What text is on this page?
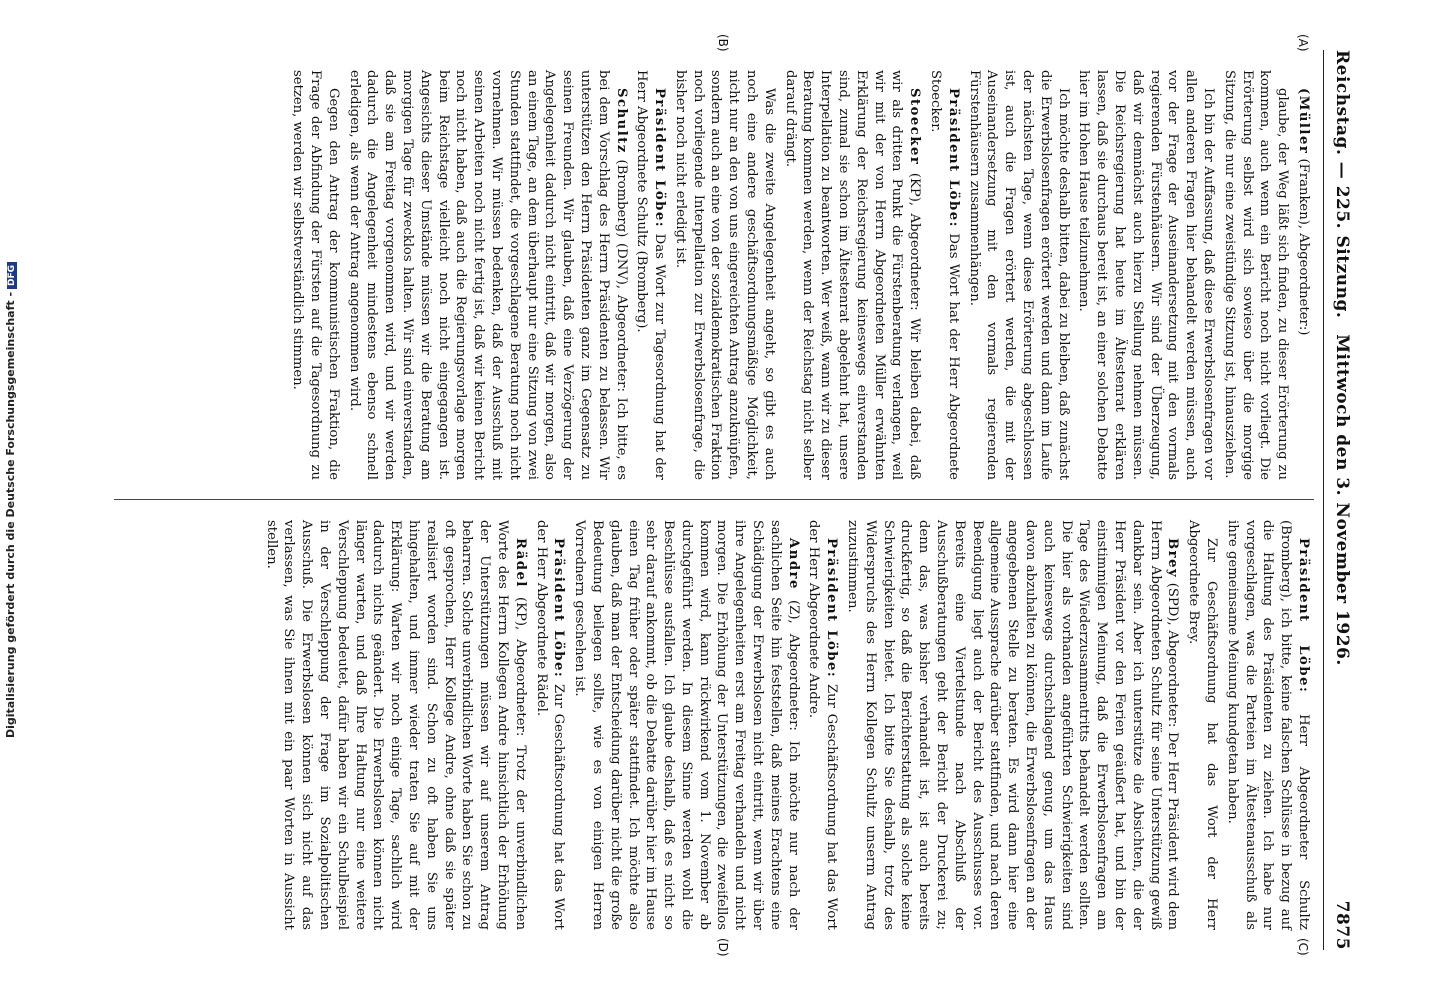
Digitalisierung gefördert durch die Deutsche Forschungsgemeinschaft -DFG	Reichstag. — 225. Sitzung.
Mittwoch den 3. November 1926.
7875
(A)
(B)
(C)
(D)

(Müller (Franken), Abgeordneter:)

glaube, der Weg läßt sich finden, zu dieser Erörterung zu kommen, auch wenn ein Bericht noch nicht vorliegt. Die Erörterung selbst wird sich sowieso über die morgige Sitzung, die nur eine zweistündige Sitzung ist, hinausziehen.

Ich bin der Auffassung, daß diese Erwerbslosenfragen vor allen anderen Fragen hier behandelt werden müssen, auch vor der Frage der Auseinandersetzung mit den vormals regierenden Fürstenhäusern. Wir sind der Überzeugung, daß wir demnächst auch hierzu Stellung nehmen müssen. Die Reichsregierung hat heute im Ältestenrat erklären lassen, daß sie durchaus bereit ist, an einer solchen Debatte hier im Hohen Hause teilzunehmen.

Ich möchte deshalb bitten, dabei zu bleiben, daß zunächst die Erwerbslosenfragen erörtert werden und dann im Laufe der nächsten Tage, wenn diese Erörterung abgeschlossen ist, auch die Fragen erörtert werden, die mit der Auseinandersetzung mit den vormals regierenden Fürstenhäusern zusammenhängen.

Präsident Löbe: Das Wort hat der Herr Abgeordnete Stoecker.

Stoecker (KP), Abgeordneter: Wir bleiben dabei, daß wir als dritten Punkt die Fürstenberatung verlangen, weil wir mit der von Herrn Abgeordneten Müller erwähnten Erklärung der Reichsregierung keineswegs einverstanden sind, zumal sie schon im Ältestenrat abgelehnt hat, unsere Interpellation zu beantworten. Wer weiß, wann wir zu dieser Beratung kommen werden, wenn der Reichstag nicht selber darauf drängt.

Was die zweite Angelegenheit angeht, so gibt es auch noch eine andere geschäftsordnungsmäßige Möglichkeit, nicht nur an den von uns eingereichten Antrag anzuknüpfen, sondern auch an eine von der sozialdemokratischen Fraktion noch vorliegende Interpellation zur Erwerbslosenfrage, die bisher noch nicht erledigt ist.

Präsident Löbe: Das Wort zur Tagesordnung hat der Herr Abgeordnete Schultz (Bromberg).

Schultz (Bromberg) (DNV), Abgeordneter: Ich bitte, es bei dem Vorschlag des Herrn Präsidenten zu belassen. Wir unterstützen den Herrn Präsidenten ganz im Gegensatz zu seinen Freunden. Wir glauben, daß eine Verzögerung der Angelegenheit dadurch nicht eintritt, daß wir morgen, also an einem Tage, an dem überhaupt nur eine Sitzung von zwei Stunden stattfindet, die vorgeschlagene Beratung noch nicht vornehmen. Wir müssen bedenken, daß der Ausschuß mit seinen Arbeiten noch nicht fertig ist, daß wir keinen Bericht noch nicht haben, daß auch die Regierungsvorlage morgen beim Reichstage vielleicht noch nicht eingegangen ist. Angesichts dieser Umstände müssen wir die Beratung am morgigen Tage für zwecklos halten. Wir sind einverstanden, daß sie am Freitag vorgenommen wird, und wir werden dadurch die Angelegenheit mindestens ebenso schnell erledigen, als wenn der Antrag angenommen wird.

Gegen den Antrag der kommunistischen Fraktion, die Frage der Abfindung der Fürsten auf die Tagesordnung zu setzen, werden wir selbstverständlich stimmen.

Präsident Löbe: Herr Abgeordneter Schultz (Bromberg), ich bitte, keine falschen Schlüsse in bezug auf die Haltung des Präsidenten zu ziehen. Ich habe nur vorgeschlagen, was die Parteien im Ältestenausschuß als ihre gemeinsame Meinung kundgetan haben.

Zur Geschäftsordnung hat das Wort der Herr Abgeordnete Brey.

Brey (SPD), Abgeordneter: Der Herr Präsident wird dem Herrn Abgeordneten Schultz für seine Unterstützung gewiß dankbar sein. Aber ich unterstütze die Absichten, die der Herr Präsident vor den Ferien geäußert hat, und bin der einstimmigen Meinung, daß die Erwerbslosenfragen am Tage des Wiederzusammentritts behandelt werden sollten. Die hier als vorhanden angeführten Schwierigkeiten sind auch keineswegs durchschlagend genug, um das Haus davon abzuhalten zu können, die Erwerbslosenfragen an der angegebenen Stelle zu beraten. Es wird dann hier eine allgemeine Aussprache darüber stattfinden, und nach deren Beendigung liegt auch der Bericht des Ausschusses vor. Bereits eine Viertelstunde nach Abschluß der Ausschußberatungen geht der Bericht der Druckerei zu; denn das, was bisher verhandelt ist, ist auch bereits druckfertig, so daß die Berichterstattung als solche keine Schwierigkeiten bietet. Ich bitte Sie deshalb, trotz des Widerspruchs des Herrn Kollegen Schultz unserm Antrag zuzustimmen.

Präsident Löbe: Zur Geschäftsordnung hat das Wort der Herr Abgeordnete Andre.

Andre (Z), Abgeordneter: Ich möchte nur nach der sachlichen Seite hin feststellen, daß meines Erachtens eine Schädigung der Erwerbslosen nicht eintritt, wenn wir über ihre Angelegenheiten erst am Freitag verhandeln und nicht morgen. Die Erhöhung der Unterstützungen, die zweifellos kommen wird, kann rückwirkend vom 1. November ab durchgeführt werden. In diesem Sinne werden wohl die Beschlüsse ausfallen. Ich glaube deshalb, daß es nicht so sehr darauf ankommt, ob die Debatte darüber hier im Hause einen Tag früher oder später stattfindet. Ich möchte also glauben, daß man der Entscheidung darüber nicht die große Bedeutung beilegen sollte, wie es von einigen Herren Vorrednern geschehen ist.

Präsident Löbe: Zur Geschäftsordnung hat das Wort der Herr Abgeordnete Rädel.

Rädel (KP), Abgeordneter: Trotz der unverbindlichen Worte des Herrn Kollegen Andre hinsichtlich der Erhöhung der Unterstützungen müssen wir auf unserem Antrag beharren. Solche unverbindlichen Worte haben Sie schon zu oft gesprochen, Herr Kollege Andre, ohne daß sie später realisiert worden sind. Schon zu oft haben Sie uns hingehalten, und immer wieder traten Sie auf mit der Erklärung: Warten wir noch einige Tage, sachlich wird dadurch nichts geändert. Die Erwerbslosen können nicht länger warten, und daß Ihre Haltung nur eine weitere Verschleppung bedeutet, dafür haben wir ein Schulbeispiel in der Verschleppung der Frage im Sozialpolitischen Ausschuß. Die Erwerbslosen können sich nicht auf das verlassen, was Sie ihnen mit ein paar Worten in Aussicht stellen.
